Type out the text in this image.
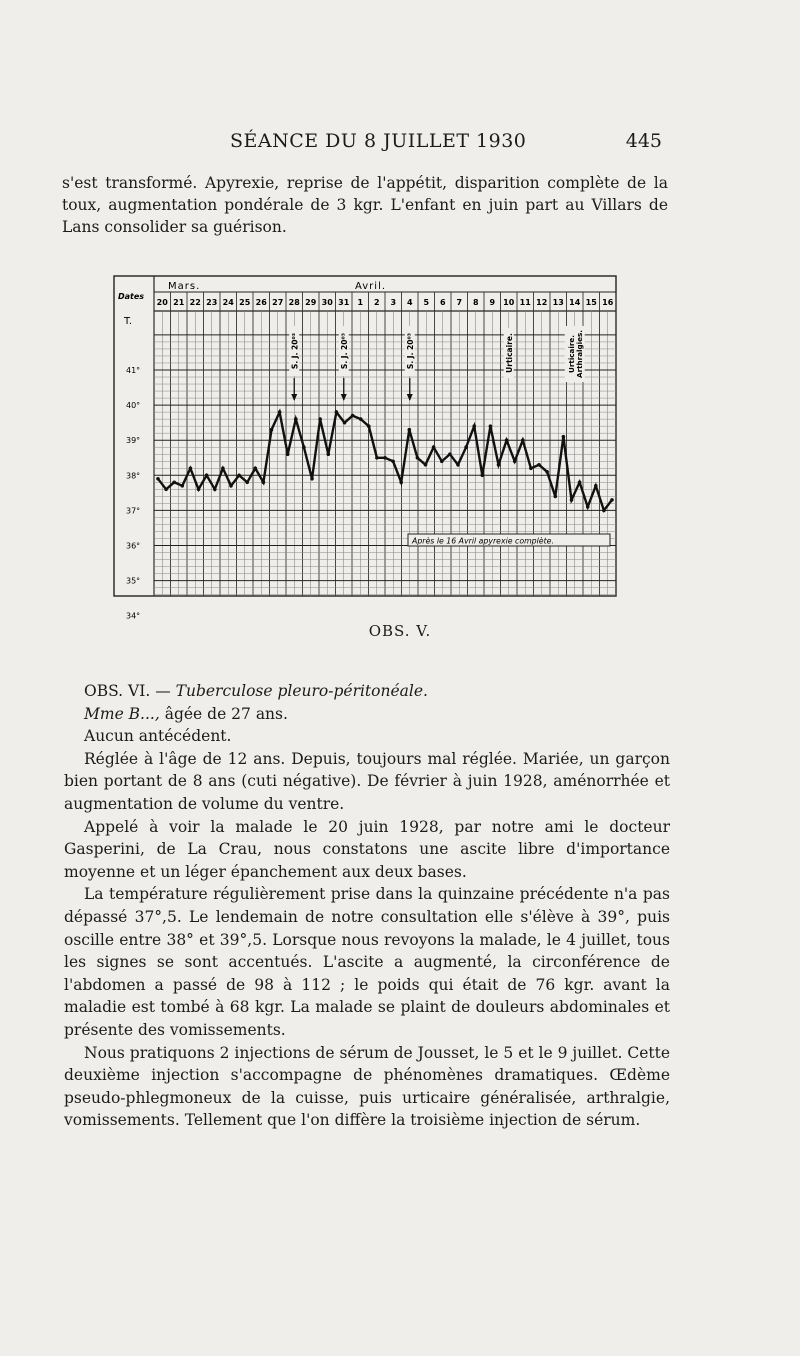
SÉANCE DU 8 JUILLET 1930	445
s'est transformé. Apyrexie, reprise de l'appétit, disparition complète de la toux, augmentation pondérale de 3 kgr. L'enfant en juin part au Villars de Lans consolider sa guérison.
Dates
T.
Mars.	Avril.
20 21 22 23 24 25 26 27 28 29 30 31 1 2 3 4 5 6 7 8 9 10 11 12 13 14 15 16
41°
40°
39°
38°
37°
36°
35°
34°
S. J. 20⁰³	S. J. 20⁰³	S. J. 20⁰³	Urticaire.	Urticaire. Arthralgies.
Après le 16 Avril apyrexie complète.
OBS. V.

OBS. VI. — Tuberculose pleuro-péritonéale.

Mme B..., âgée de 27 ans.

Aucun antécédent.

Réglée à l'âge de 12 ans. Depuis, toujours mal réglée. Mariée, un garçon bien portant de 8 ans (cuti négative). De février à juin 1928, aménorrhée et augmentation de volume du ventre.

Appelé à voir la malade le 20 juin 1928, par notre ami le docteur Gasperini, de La Crau, nous constatons une ascite libre d'importance moyenne et un léger épanchement aux deux bases.

La température régulièrement prise dans la quinzaine précédente n'a pas dépassé 37°,5. Le lendemain de notre consultation elle s'élève à 39°, puis oscille entre 38° et 39°,5. Lorsque nous revoyons la malade, le 4 juillet, tous les signes se sont accentués. L'ascite a augmenté, la circonférence de l'abdomen a passé de 98 à 112 ; le poids qui était de 76 kgr. avant la maladie est tombé à 68 kgr. La malade se plaint de douleurs abdominales et présente des vomissements.

Nous pratiquons 2 injections de sérum de Jousset, le 5 et le 9 juillet. Cette deuxième injection s'accompagne de phénomènes dramatiques. Œdème pseudo-phlegmoneux de la cuisse, puis urticaire généralisée, arthralgie, vomissements. Tellement que l'on diffère la troisième injection de sérum.
